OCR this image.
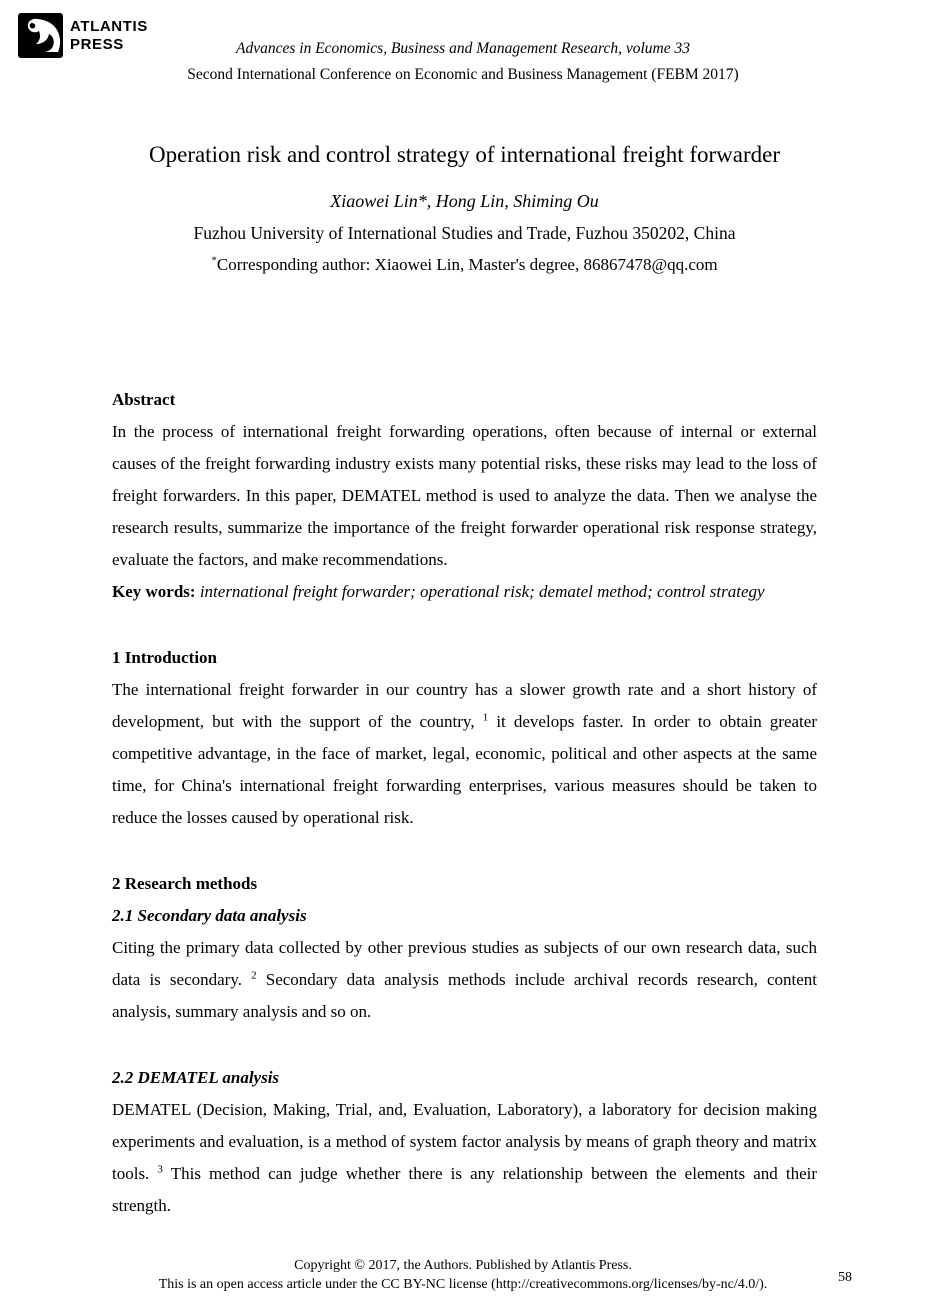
ATLANTIS
PRESS	Advances in Economics, Business and Management Research, volume 33
Second International Conference on Economic and Business Management (FEBM 2017)
Operation risk and control strategy of international freight forwarder
Xiaowei Lin*, Hong Lin, Shiming Ou
Fuzhou University of International Studies and Trade, Fuzhou 350202, China
*Corresponding author: Xiaowei Lin, Master's degree, 86867478@qq.com
Abstract

In the process of international freight forwarding operations, often because of internal or external causes of the freight forwarding industry exists many potential risks, these risks may lead to the loss of freight forwarders. In this paper, DEMATEL method is used to analyze the data. Then we analyse the research results, summarize the importance of the freight forwarder operational risk response strategy, evaluate the factors, and make recommendations.

Key words: international freight forwarder; operational risk; dematel method; control strategy
1 Introduction

The international freight forwarder in our country has a slower growth rate and a short history of development, but with the support of the country, $^1$ it develops faster. In order to obtain greater competitive advantage, in the face of market, legal, economic, political and other aspects at the same time, for China's international freight forwarding enterprises, various measures should be taken to reduce the losses caused by operational risk.

2 Research methods
2.1 Secondary data analysis

Citing the primary data collected by other previous studies as subjects of our own research data, such data is secondary. $^2$ Secondary data analysis methods include archival records research, content analysis, summary analysis and so on.

2.2 DEMATEL analysis

DEMATEL (Decision, Making, Trial, and, Evaluation, Laboratory), a laboratory for decision making experiments and evaluation, is a method of system factor analysis by means of graph theory and matrix tools. $^3$ This method can judge whether there is any relationship between the elements and their strength.

Copyright © 2017, the Authors. Published by Atlantis Press.
This is an open access article under the CC BY-NC license (http://creativecommons.org/licenses/by-nc/4.0/).	58
